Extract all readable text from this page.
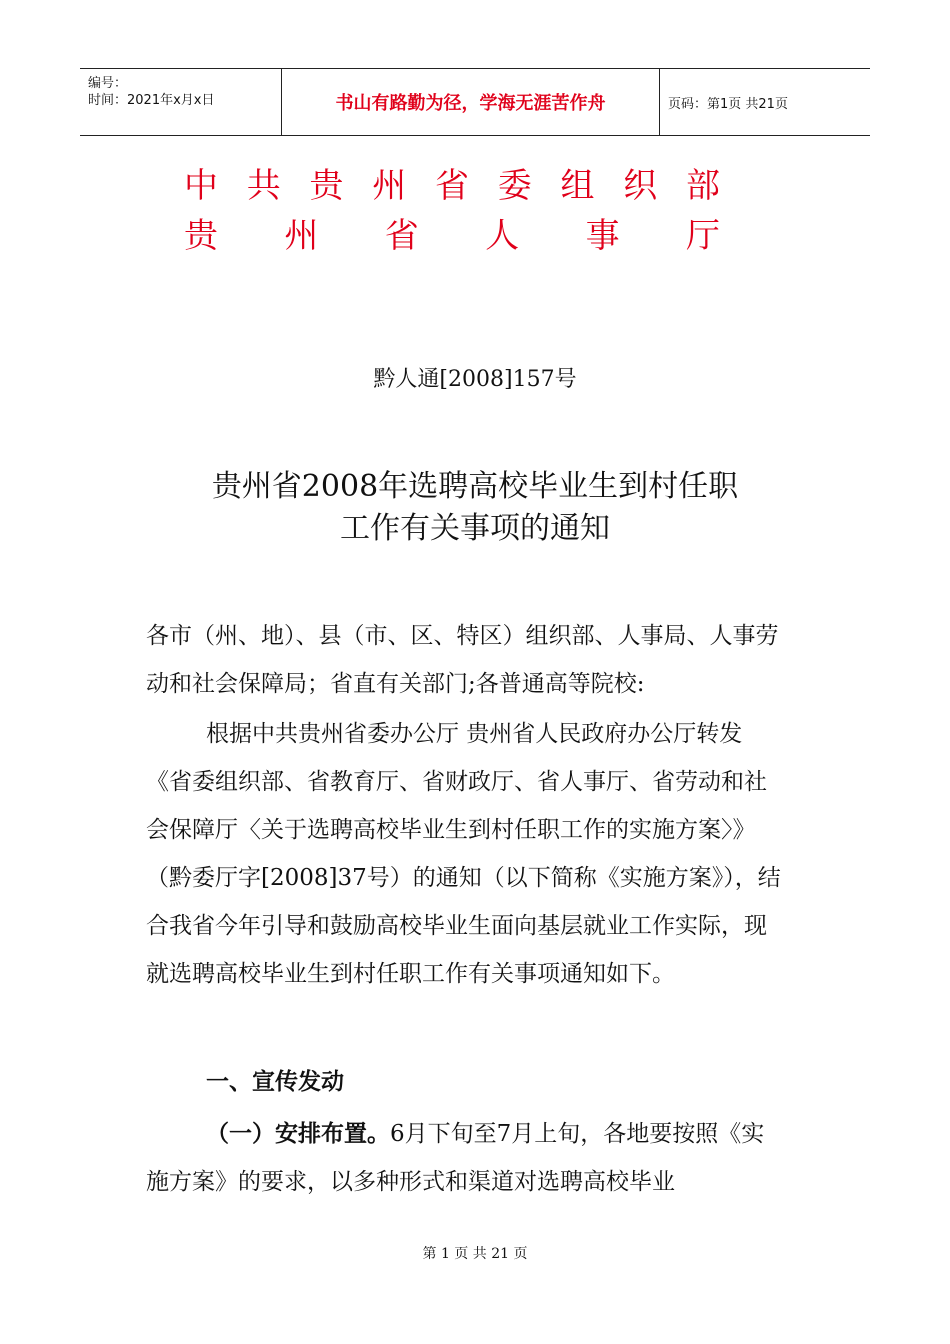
编号：
时间：2021年x月x日	书山有路勤为径，学海无涯苦作舟	页码：第1页 共21页
中 共 贵 州 省 委 组 织 部
贵 州 省 人 事 厅
黔人通[2008]157号
贵州省2008年选聘高校毕业生到村任职
工作有关事项的通知
各市（州、地）、县（市、区、特区）组织部、人事局、人事劳动和社会保障局；省直有关部门;各普通高等院校:
根据中共贵州省委办公厅 贵州省人民政府办公厅转发《省委组织部、省教育厅、省财政厅、省人事厅、省劳动和社会保障厅〈关于选聘高校毕业生到村任职工作的实施方案〉》（黔委厅字[2008]37号）的通知（以下简称《实施方案》），结合我省今年引导和鼓励高校毕业生面向基层就业工作实际，现就选聘高校毕业生到村任职工作有关事项通知如下。
一、宣传发动
（一）安排布置。6月下旬至7月上旬，各地要按照《实施方案》的要求，以多种形式和渠道对选聘高校毕业
第 1 页 共 21 页
